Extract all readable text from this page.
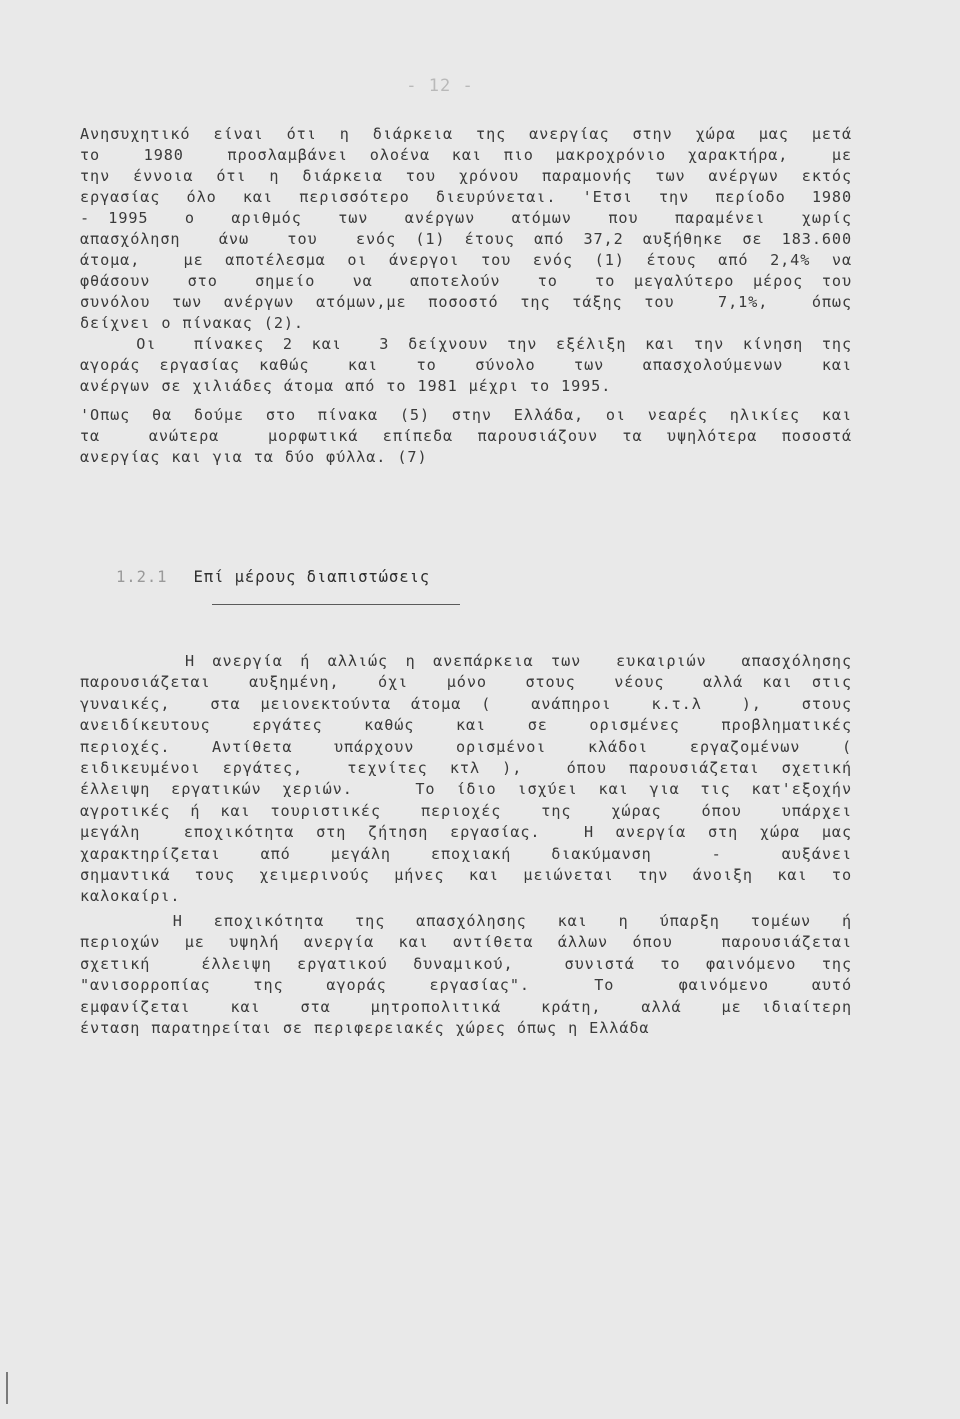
- 12 -
Ανησυχητικό είναι ότι η διάρκεια της ανεργίας στην χώρα μας μετά
το  1980  προσλαμβάνει ολοένα και πιο μακροχρόνιο χαρακτήρα,  με
την έννοια ότι η διάρκεια του χρόνου παραμονής των ανέργων εκτός
εργασίας όλο και περισσότερο διευρύνεται. 'Ετσι την περίοδο 1980
- 1995  ο  αριθμός  των  ανέργων  ατόμων  που  παραμένει  χωρίς
απασχόληση  άνω  του  ενός (1) έτους από 37,2 αυξήθηκε σε 183.600
άτομα,  με αποτέλεσμα οι άνεργοι του ενός (1) έτους από 2,4% να
φθάσουν  στο  σημείο  να  αποτελούν  το  το μεγαλύτερο μέρος του
συνόλου των ανέργων ατόμων,με ποσοστό της τάξης του  7,1%,  όπως
δείχνει ο πίνακας (2).
Οι  πίνακες 2 και  3 δείχνουν την εξέλιξη και την κίνηση της
αγοράς εργασίας καθώς  και  το  σύνολο  των  απασχολούμενων  και
ανέργων σε χιλιάδες άτομα από το 1981 μέχρι το 1995.
'Οπως θα δούμε στο πίνακα (5) στην Ελλάδα, οι νεαρές ηλικίες και
τα  ανώτερα  μορφωτικά επίπεδα παρουσιάζουν τα υψηλότερα ποσοστά
ανεργίας και για τα δύο φύλλα. (7)
1.2.1 Επί μέρους διαπιστώσεις
Η ανεργία ή αλλιώς η ανεπάρκεια των  ευκαιριών  απασχόλησης
παρουσιάζεται  αυξημένη,  όχι  μόνο  στους  νέους  αλλά και στις
γυναικές,  στα μειονεκτούντα άτομα (  ανάπηροι  κ.τ.λ  ),  στους
ανειδίκευτους  εργάτες  καθώς  και  σε  ορισμένες  προβληματικές
περιοχές.  Αντίθετα  υπάρχουν  ορισμένοι  κλάδοι  εργαζομένων  (
ειδικευμένοι εργάτες,  τεχνίτες κτλ ),  όπου παρουσιάζεται σχετική
έλλειψη εργατικών χεριών.   Το ίδιο ισχύει και για τις κατ'εξοχήν
αγροτικές ή και τουριστικές  περιοχές  της  χώρας  όπου  υπάρχει
μεγάλη  εποχικότητα στη ζήτηση εργασίας.  Η ανεργία στη χώρα μας
χαρακτηρίζεται  από  μεγάλη  εποχιακή  διακύμανση   -   αυξάνει
σημαντικά τους χειμερινούς μήνες και μειώνεται την άνοιξη και το
καλοκαίρι.
Η  εποχικότητα  της  απασχόλησης  και  η  ύπαρξη  τομέων  ή
περιοχών με υψηλή ανεργία και αντίθετα άλλων όπου  παρουσιάζεται
σχετική  έλλειψη εργατικού δυναμικού,  συνιστά το φαινόμενο της
"ανισορροπίας  της  αγοράς  εργασίας".   Το   φαινόμενο  αυτό
εμφανίζεται  και  στα  μητροπολιτικά  κράτη,  αλλά  με ιδιαίτερη
ένταση παρατηρείται σε περιφερειακές χώρες όπως η Ελλάδα
